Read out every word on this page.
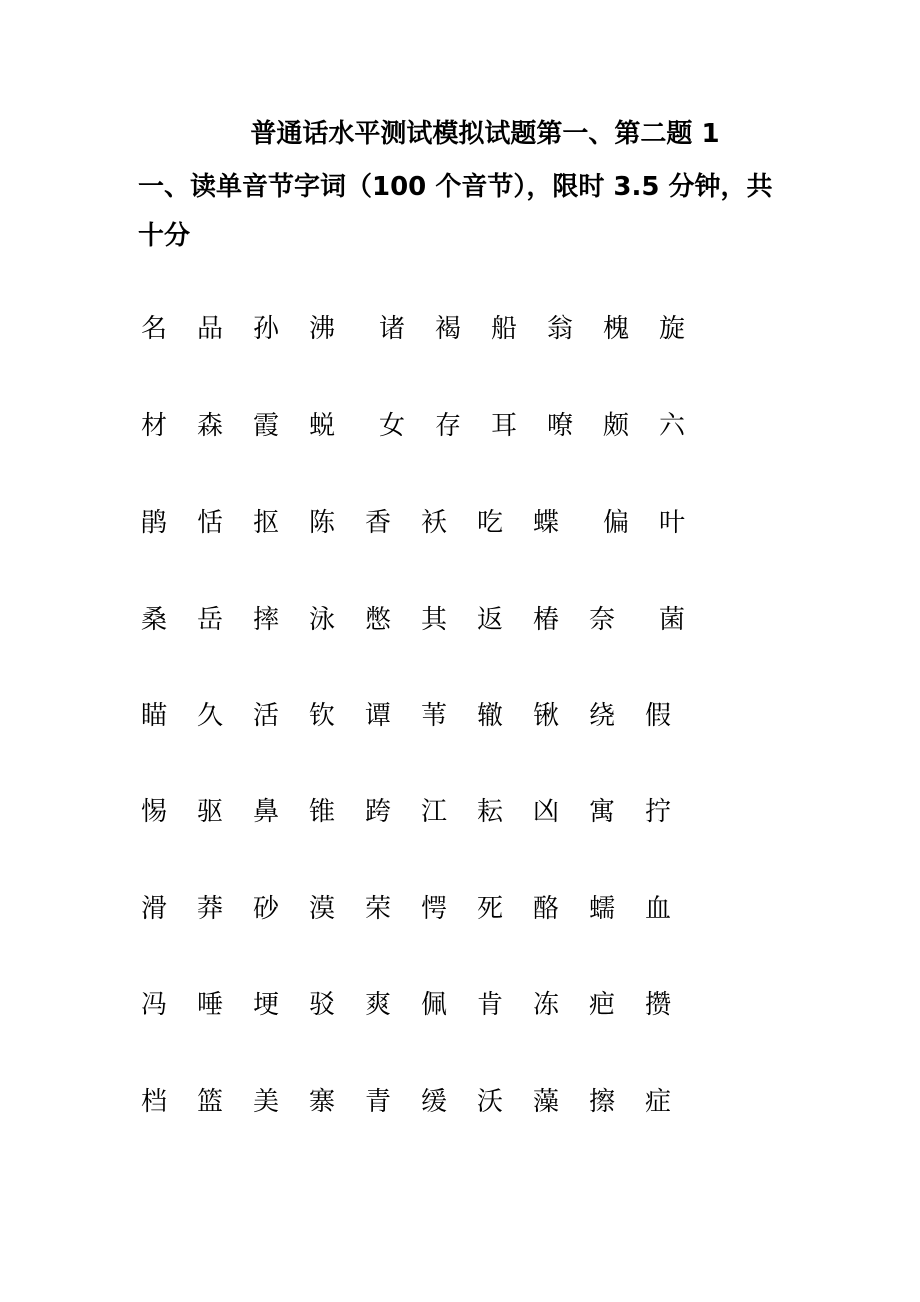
普通话水平测试模拟试题第一、第二题 1
一、读单音节字词（100 个音节），限时 3.5 分钟，共十分
名 品 孙 沸 诸 褐 船 翁 槐 旋
材 森 霞 蜕 女 存 耳 嘹 颇 六
鹃 恬 抠 陈 香 袄 吃 蝶 偏 叶
桑 岳 摔 泳 憋 其 返 椿 奈 菌
瞄 久 活 钦 谭 苇 辙 锹 绕 假
惕 驱 鼻 锥 跨 江 耘 凶 寓 拧
滑 莽 砂 漠 荣 愕 死 酪 蠕 血
冯 唾 埂 驳 爽 佩 肯 冻 疤 攒
档 篮 美 寨 青 缓 沃 藻 擦 症
